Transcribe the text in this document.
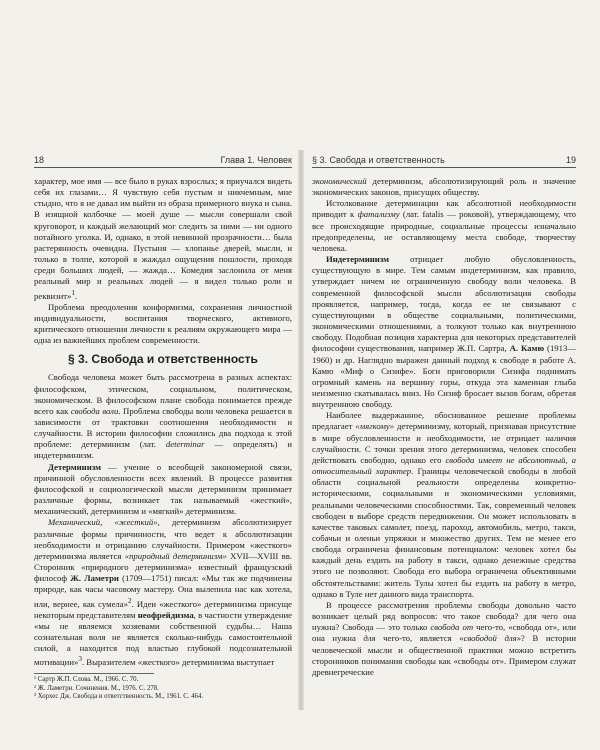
18	Глава 1. Человек

характер, мое имя — все было в руках взрослых; я приучался видеть себя их глазами… Я чувствую себя пустым и никчемным, мне стыдно, что я не давал им выйти из образа примерного внука и сына. В изящной колбочке — моей душе — мысли совершали свой круговорот, и каждый желающий мог следить за ними — ни одного потайного уголка. И, однако, в этой невинной прозрачности… была растерянность очевидна. Пустыня — хлопанье дверей, мысли, и только в толпе, которой я жаждал ощущения пошлости, проходя среди больших людей, — жажда… Комедия заслонила от меня реальный мир и реальных людей — я видел только роли и реквизит»$^1$.

Проблема преодоления конформизма, сохранения личностной индивидуальности, воспитания творческого, активного, критического отношения личности к реалиям окружающего мира — одна из важнейших проблем современности.

§ 3. Свобода и ответственность

Свобода человека может быть рассмотрена в разных аспектах: философском, этическом, социальном, политическом, экономическом. В философском плане свобода понимается прежде всего как свобода воли. Проблема свободы воли человека решается в зависимости от трактовки соотношения необходимости и случайности. В истории философии сложились два подхода к этой проблеме: детерминизм (лат. determinar — определять) и индетерминизм.

Детерминизм — учение о всеобщей закономерной связи, причинной обусловленности всех явлений. В процессе развития философской и социологической мысли детерминизм принимает различные формы, возникает так называемый «жесткий», механический, детерминизм и «мягкий» детерминизм.

Механический, «жесткий», детерминизм абсолютизирует различные формы причинности, что ведет к абсолютизации необходимости и отрицанию случайности. Примером «жесткого» детерминизма является «природный детерминизм» XVII—XVIII вв. Сторонник «природного детерминизма» известный французский философ Ж. Ламетри (1709—1751) писал: «Мы так же подчинены природе, как часы часовому мастеру. Она вылепила нас как хотела, или, вернее, как сумела»$^2$. Идеи «жесткого» детерминизма присуще некоторым представителям неофрейдизма, в частности утверждение «мы не являемся хозяевами собственной судьбы… Наша сознательная воля не является сколько-нибудь самостоятельной силой, а находится под властью глубокой подсознательной мотивации»$^3$. Выразителем «жесткого» детерминизма выступает

¹ Сартр Ж.П. Слова. М., 1966. С. 70.
² Ж. Ламетри. Сочинения. М., 1976. С. 278.
³ Хорхес Дж. Свобода и ответственность. М., 1961. С. 464.
§ 3. Свобода и ответственность	19

экономический детерминизм, абсолютизирующий роль и значение экономических законов, присущих обществу.

Истолкование детерминации как абсолютной необходимости приводит к фатализму (лат. fatalis — роковой), утверждающему, что все происходящие природные, социальные процессы изначально предопределены, не оставляющему места свободе, творчеству человека.

Индетерминизм отрицает любую обусловленность, существующую в мире. Тем самым индетерминизм, как правило, утверждает ничем не ограниченную свободу воли человека. В современной философской мысли абсолютизация свободы проявляется, например, тогда, когда ее не связывают с существующими в обществе социальными, политическими, экономическими отношениями, а толкуют только как внутреннюю свободу. Подобная позиция характерна для некоторых представителей философии существования, например Ж.П. Сартра, А. Камю (1913—1960) и др. Наглядно выражен данный подход к свободе в работе А. Камю «Миф о Сизифе». Боги приговорили Сизифа поднимать огромный камень на вершину горы, откуда эта каменная глыба неизменно скатывалась вниз. Но Сизиф бросает вызов богам, обретая внутреннюю свободу.

Наиболее выдержанное, обоснованное решение проблемы предлагает «мягкому» детерминизму, который, признавая присутствие в мире обусловленности и необходимости, не отрицает наличия случайности. С точки зрения этого детерминизма, человек способен действовать свободно, однако его свобода имеет не абсолютный, а относительный характер. Границы человеческой свободы в любой области социальной реальности определены конкретно-историческими, социальными и экономическими условиями, реальными человеческими способностями. Так, современный человек свободен в выборе средств передвижения. Он может использовать в качестве таковых самолет, поезд, пароход, автомобиль, метро, такси, собачьи и оленьи упряжки и множество других. Тем не менее его свобода ограничена финансовым потенциалом: человек хотел бы каждый день ездить на работу в такси, однако денежные средства этого не позволяют. Свобода его выбора ограничена объективными обстоятельствами: житель Тулы хотел бы ездить на работу в метро, однако в Туле нет данного вида транспорта.

В процессе рассмотрения проблемы свободы довольно часто возникает целый ряд вопросов: что такое свобода? для чего она нужна? Свобода — это только свобода от чего-то, «свобода от», или она нужна для чего-то, является «свободой для»? В истории человеческой мысли и общественной практики можно встретить сторонников понимания свободы как «свободы от». Примером служат древнегреческие
